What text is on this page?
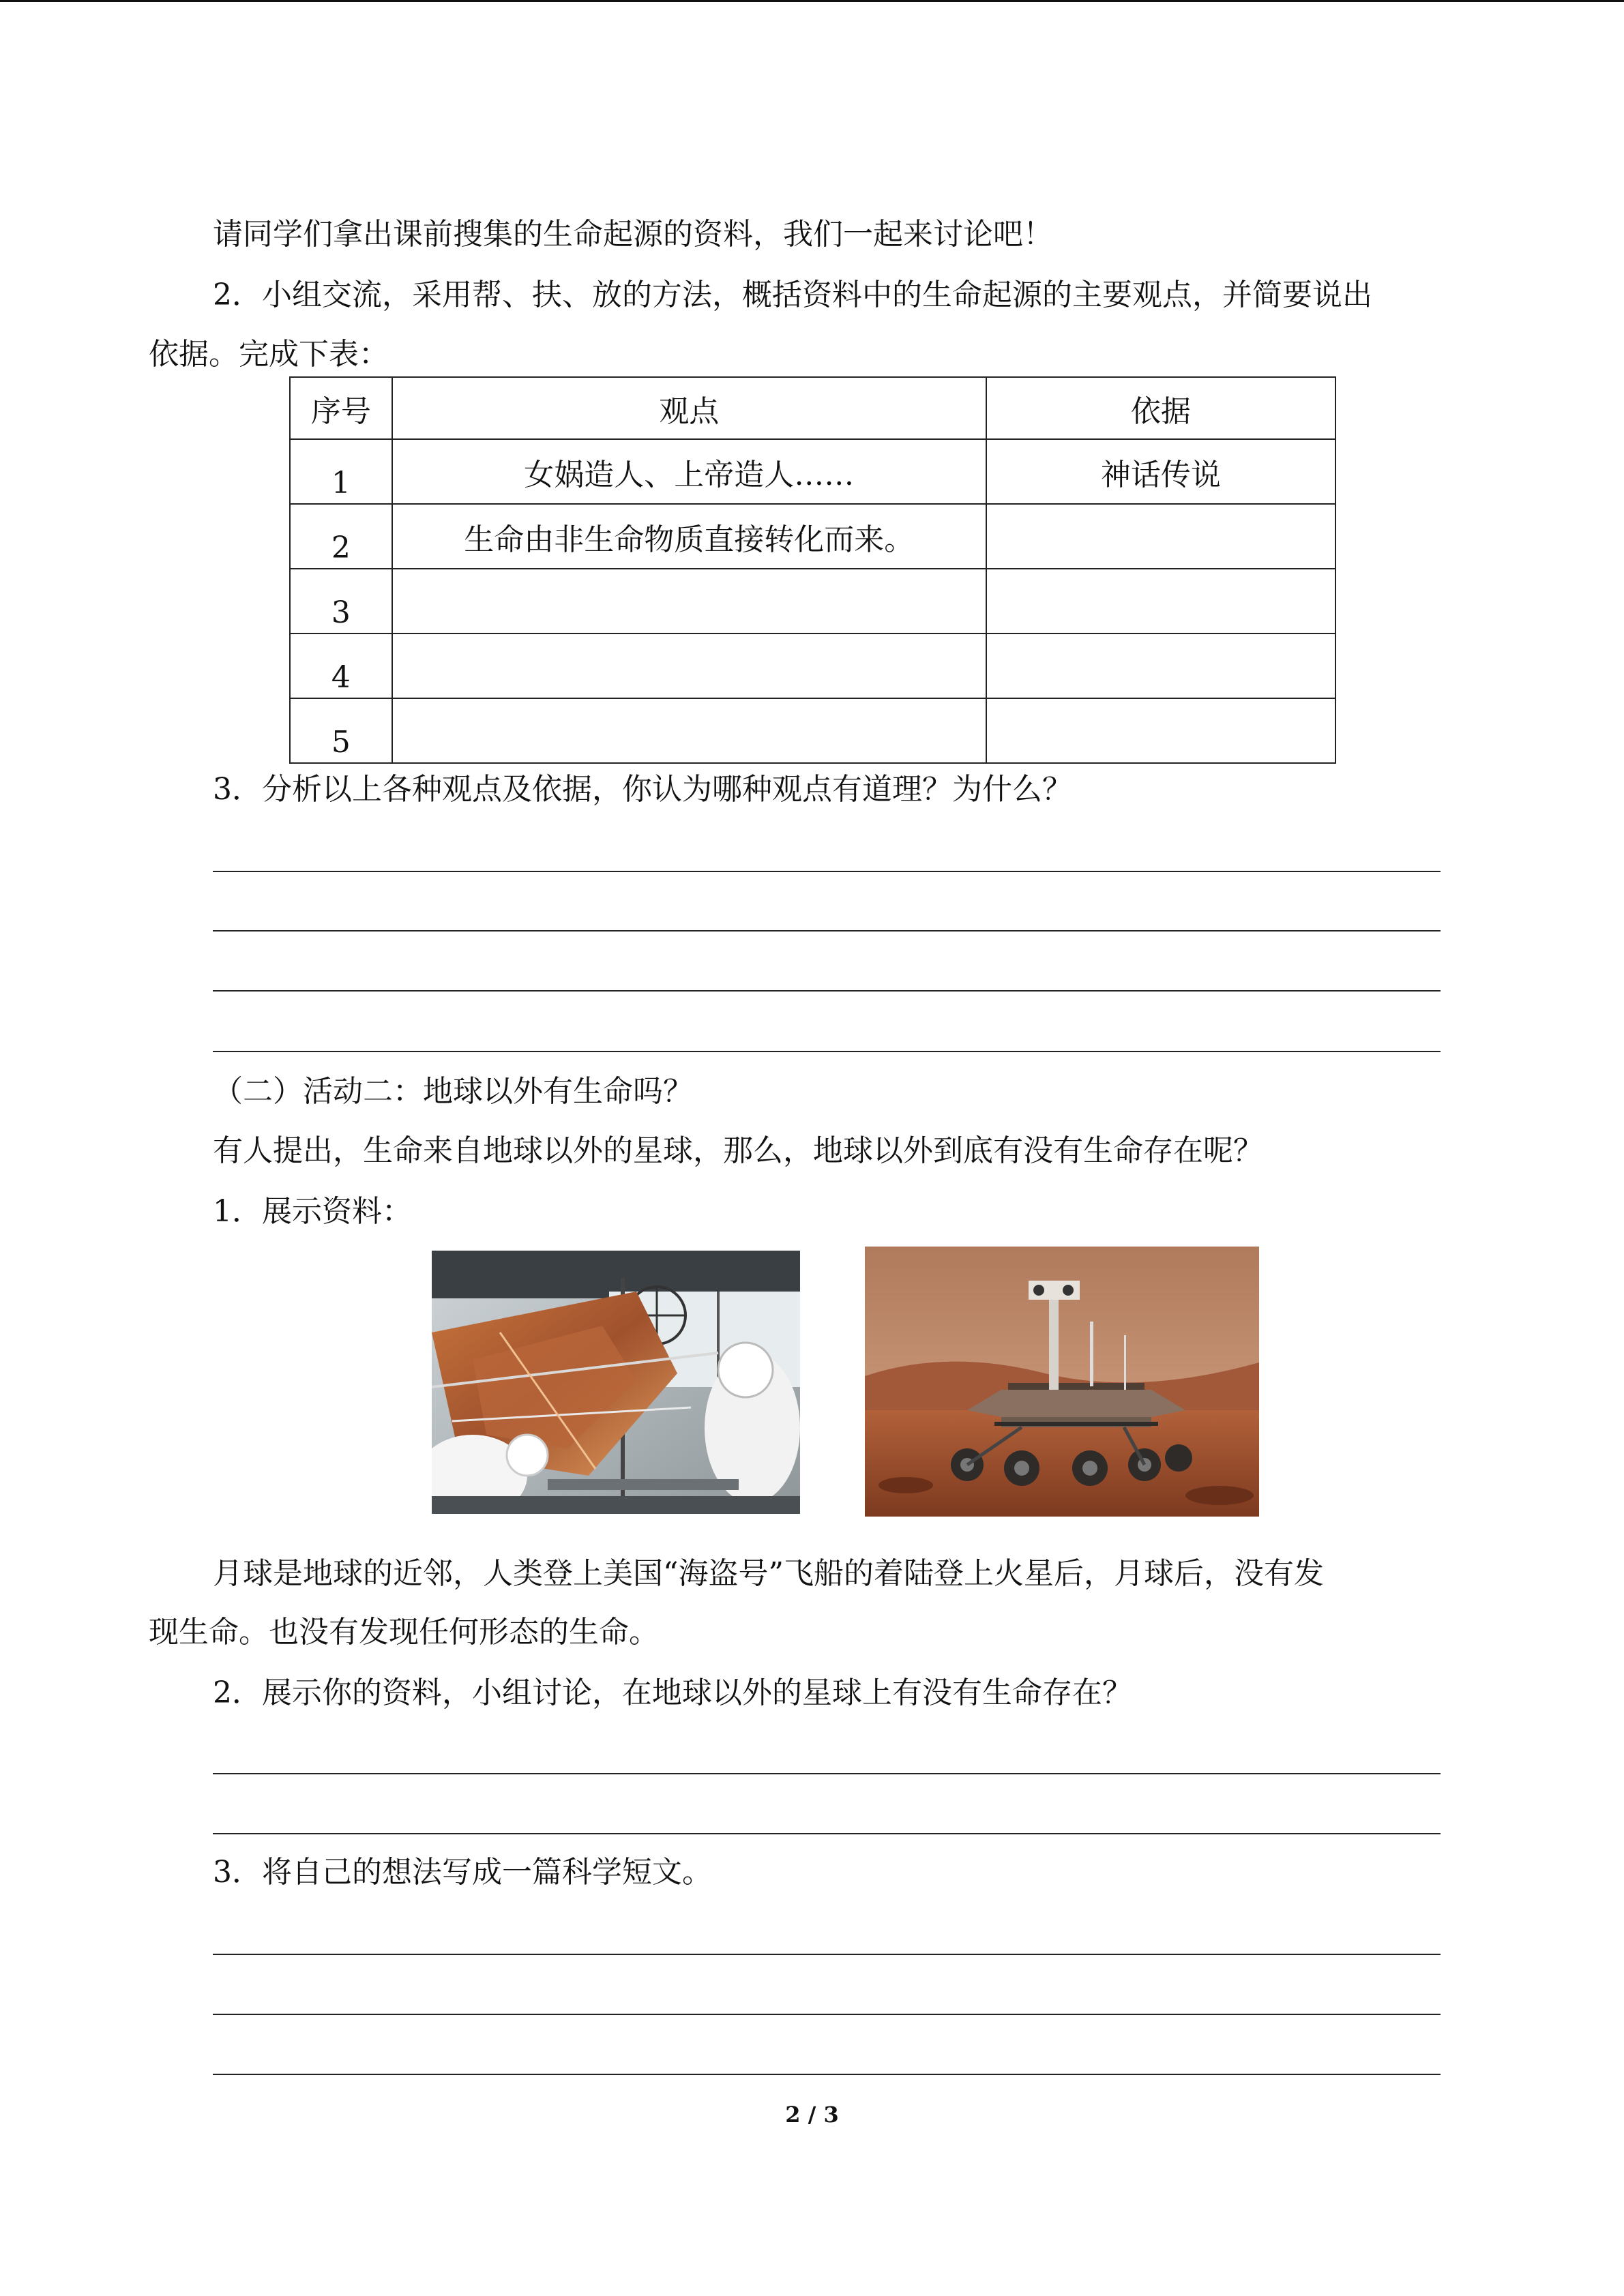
请同学们拿出课前搜集的生命起源的资料，我们一起来讨论吧！
2．小组交流，采用帮、扶、放的方法，概括资料中的生命起源的主要观点，并简要说出
依据。完成下表：
序号	观点	依据
1	女娲造人、上帝造人……	神话传说
2	生命由非生命物质直接转化而来。	
3		
4		
5		
3．分析以上各种观点及依据，你认为哪种观点有道理？为什么？
（二）活动二：地球以外有生命吗？
有人提出，生命来自地球以外的星球，那么，地球以外到底有没有生命存在呢？
1．展示资料：
月球是地球的近邻，人类登上美国“海盗号”飞船的着陆登上火星后，月球后，没有发
现生命。也没有发现任何形态的生命。
2．展示你的资料，小组讨论，在地球以外的星球上有没有生命存在？
3．将自己的想法写成一篇科学短文。
2 / 3
